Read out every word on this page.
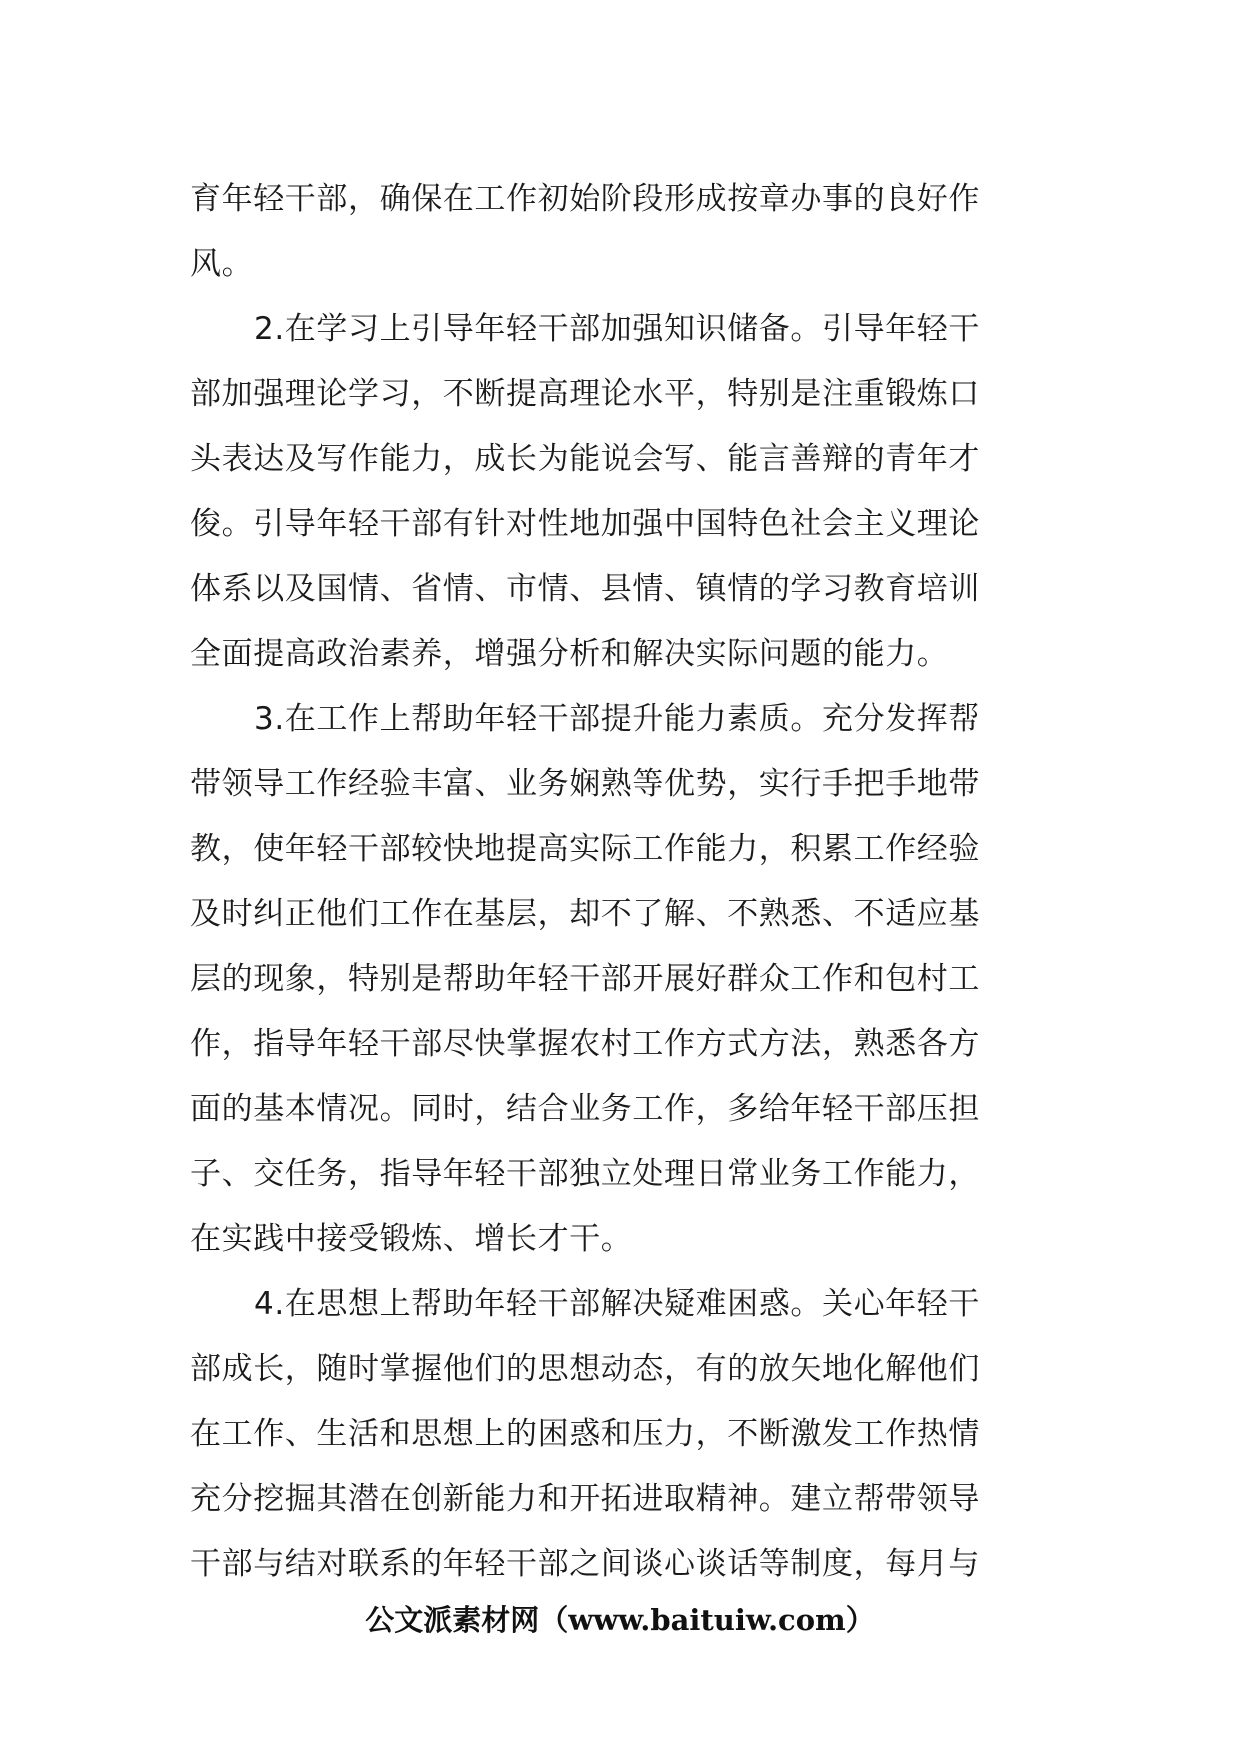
育年轻干部，确保在工作初始阶段形成按章办事的良好作
风。
2.在学习上引导年轻干部加强知识储备。引导年轻干
部加强理论学习，不断提高理论水平，特别是注重锻炼口
头表达及写作能力，成长为能说会写、能言善辩的青年才
俊。引导年轻干部有针对性地加强中国特色社会主义理论
体系以及国情、省情、市情、县情、镇情的学习教育培训
全面提高政治素养，增强分析和解决实际问题的能力。
3.在工作上帮助年轻干部提升能力素质。充分发挥帮
带领导工作经验丰富、业务娴熟等优势，实行手把手地带
教，使年轻干部较快地提高实际工作能力，积累工作经验
及时纠正他们工作在基层，却不了解、不熟悉、不适应基
层的现象，特别是帮助年轻干部开展好群众工作和包村工
作，指导年轻干部尽快掌握农村工作方式方法，熟悉各方
面的基本情况。同时，结合业务工作，多给年轻干部压担
子、交任务，指导年轻干部独立处理日常业务工作能力，
在实践中接受锻炼、增长才干。
4.在思想上帮助年轻干部解决疑难困惑。关心年轻干
部成长，随时掌握他们的思想动态，有的放矢地化解他们
在工作、生活和思想上的困惑和压力，不断激发工作热情
充分挖掘其潜在创新能力和开拓进取精神。建立帮带领导
干部与结对联系的年轻干部之间谈心谈话等制度，每月与
公文派素材网（www.baituiw.com）
